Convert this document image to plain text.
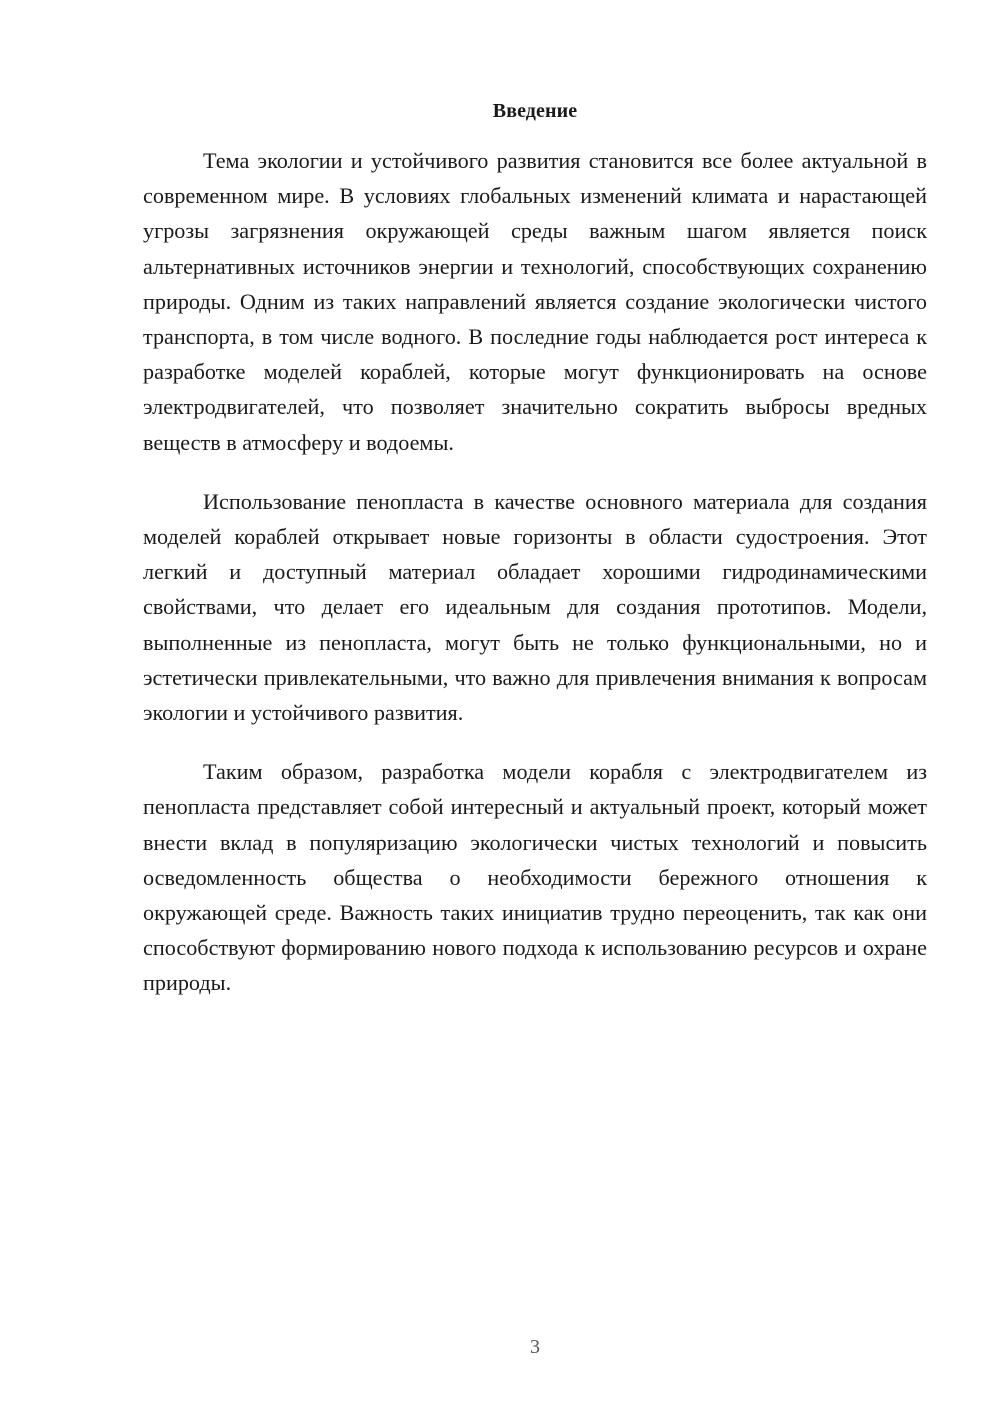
Введение

Тема экологии и устойчивого развития становится все более актуальной в современном мире. В условиях глобальных изменений климата и нарастающей угрозы загрязнения окружающей среды важным шагом является поиск альтернативных источников энергии и технологий, способствующих сохранению природы. Одним из таких направлений является создание экологически чистого транспорта, в том числе водного. В последние годы наблюдается рост интереса к разработке моделей кораблей, которые могут функционировать на основе электродвигателей, что позволяет значительно сократить выбросы вредных веществ в атмосферу и водоемы.

Использование пенопласта в качестве основного материала для создания моделей кораблей открывает новые горизонты в области судостроения. Этот легкий и доступный материал обладает хорошими гидродинамическими свойствами, что делает его идеальным для создания прототипов. Модели, выполненные из пенопласта, могут быть не только функциональными, но и эстетически привлекательными, что важно для привлечения внимания к вопросам экологии и устойчивого развития.

Таким образом, разработка модели корабля с электродвигателем из пенопласта представляет собой интересный и актуальный проект, который может внести вклад в популяризацию экологически чистых технологий и повысить осведомленность общества о необходимости бережного отношения к окружающей среде. Важность таких инициатив трудно переоценить, так как они способствуют формированию нового подхода к использованию ресурсов и охране природы.

3
